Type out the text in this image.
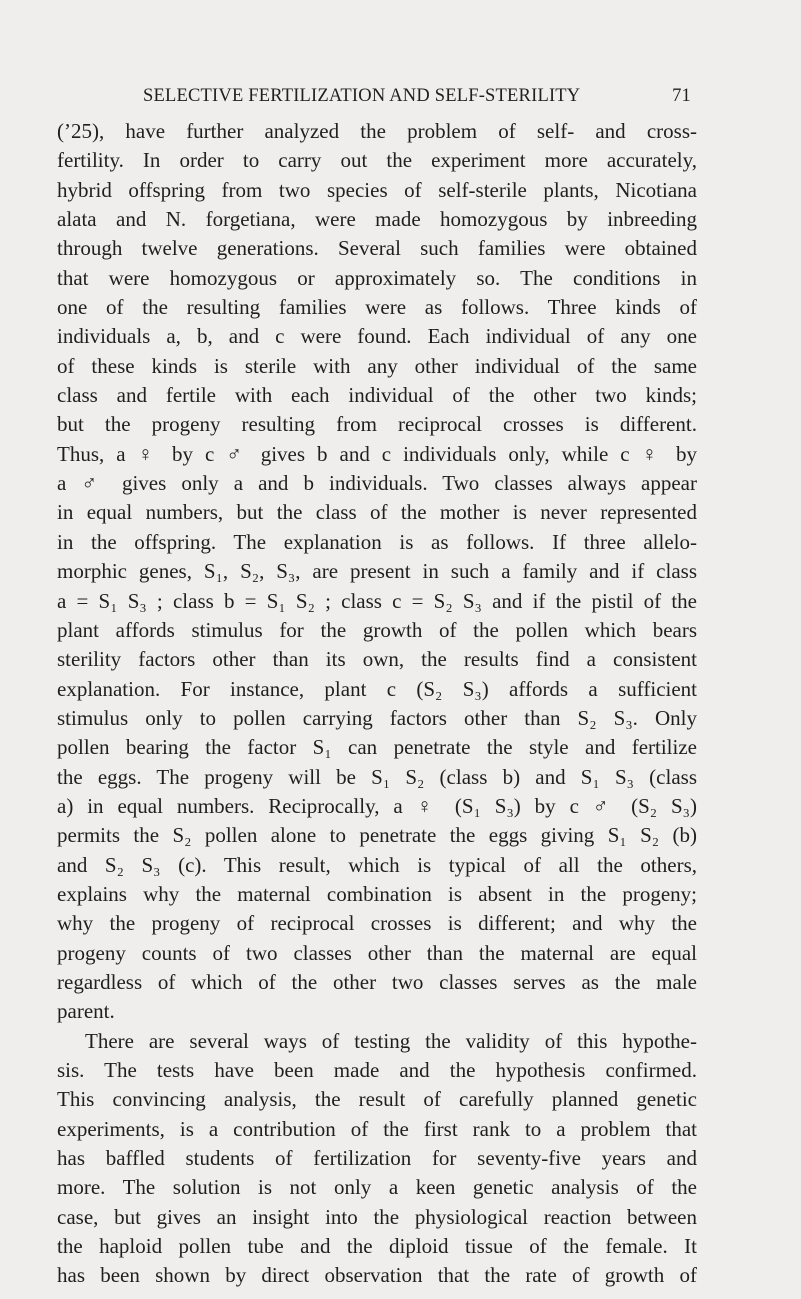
SELECTIVE FERTILIZATION AND SELF-STERILITY	71
(’25), have further analyzed the problem of self- and cross-
fertility. In order to carry out the experiment more accurately,
hybrid offspring from two species of self-sterile plants, Nicotiana
alata and N. forgetiana, were made homozygous by inbreeding
through twelve generations. Several such families were obtained
that were homozygous or approximately so. The conditions in
one of the resulting families were as follows. Three kinds of
individuals a, b, and c were found. Each individual of any one
of these kinds is sterile with any other individual of the same
class and fertile with each individual of the other two kinds;
but the progeny resulting from reciprocal crosses is different.
Thus, a ♀ by c ♂ gives b and c individuals only, while c ♀ by
a ♂ gives only a and b individuals. Two classes always appear
in equal numbers, but the class of the mother is never represented
in the offspring. The explanation is as follows. If three allelo-
morphic genes, S₁, S₂, S₃, are present in such a family and if class
a = S₁ S₃ ; class b = S₁ S₂ ; class c = S₂ S₃ and if the pistil of the
plant affords stimulus for the growth of the pollen which bears
sterility factors other than its own, the results find a consistent
explanation. For instance, plant c (S₂ S₃) affords a sufficient
stimulus only to pollen carrying factors other than S₂ S₃. Only
pollen bearing the factor S₁ can penetrate the style and fertilize
the eggs. The progeny will be S₁ S₂ (class b) and S₁ S₃ (class
a) in equal numbers. Reciprocally, a ♀ (S₁ S₃) by c ♂ (S₂ S₃)
permits the S₂ pollen alone to penetrate the eggs giving S₁ S₂ (b)
and S₂ S₃ (c). This result, which is typical of all the others,
explains why the maternal combination is absent in the progeny;
why the progeny of reciprocal crosses is different; and why the
progeny counts of two classes other than the maternal are equal
regardless of which of the other two classes serves as the male
parent.
There are several ways of testing the validity of this hypothe-
sis. The tests have been made and the hypothesis confirmed.
This convincing analysis, the result of carefully planned genetic
experiments, is a contribution of the first rank to a problem that
has baffled students of fertilization for seventy-five years and
more. The solution is not only a keen genetic analysis of the
case, but gives an insight into the physiological reaction between
the haploid pollen tube and the diploid tissue of the female. It
has been shown by direct observation that the rate of growth of
